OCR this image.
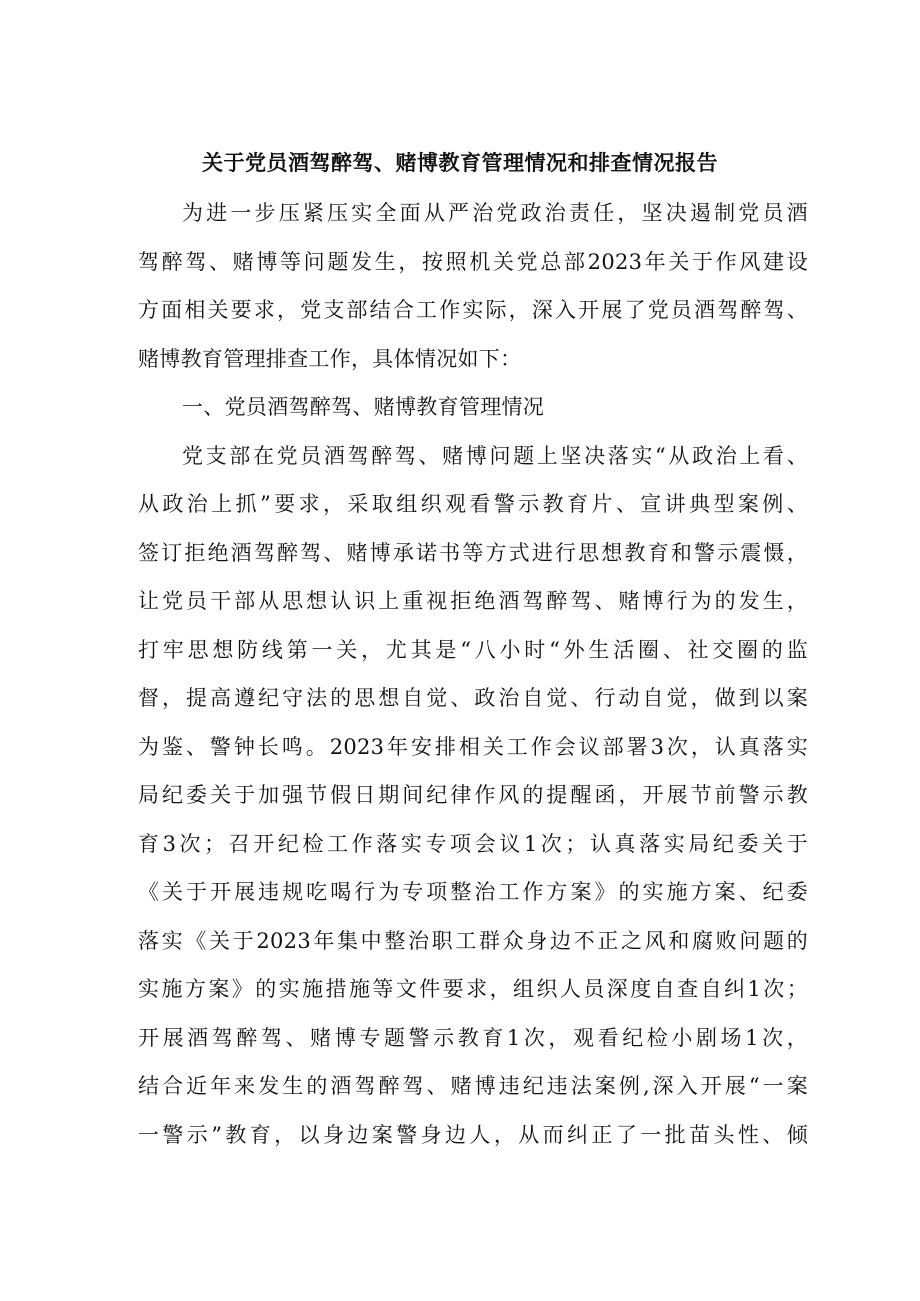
关于党员酒驾醉驾、赌博教育管理情况和排查情况报告
为进一步压紧压实全面从严治党政治责任，坚决遏制党员酒
驾醉驾、赌博等问题发生，按照机关党总部2023年关于作风建设
方面相关要求，党支部结合工作实际，深入开展了党员酒驾醉驾、
赌博教育管理排查工作，具体情况如下：
一、党员酒驾醉驾、赌博教育管理情况
党支部在党员酒驾醉驾、赌博问题上坚决落实“从政治上看、
从政治上抓”要求，采取组织观看警示教育片、宣讲典型案例、
签订拒绝酒驾醉驾、赌博承诺书等方式进行思想教育和警示震慑，
让党员干部从思想认识上重视拒绝酒驾醉驾、赌博行为的发生，
打牢思想防线第一关，尤其是“八小时“外生活圈、社交圈的监
督，提高遵纪守法的思想自觉、政治自觉、行动自觉，做到以案
为鉴、警钟长鸣。2023年安排相关工作会议部署3次，认真落实
局纪委关于加强节假日期间纪律作风的提醒函，开展节前警示教
育3次；召开纪检工作落实专项会议1次；认真落实局纪委关于
《关于开展违规吃喝行为专项整治工作方案》的实施方案、纪委
落实《关于2023年集中整治职工群众身边不正之风和腐败问题的
实施方案》的实施措施等文件要求，组织人员深度自查自纠1次；
开展酒驾醉驾、赌博专题警示教育1次，观看纪检小剧场1次，
结合近年来发生的酒驾醉驾、赌博违纪违法案例,深入开展“一案
一警示”教育，以身边案警身边人，从而纠正了一批苗头性、倾
